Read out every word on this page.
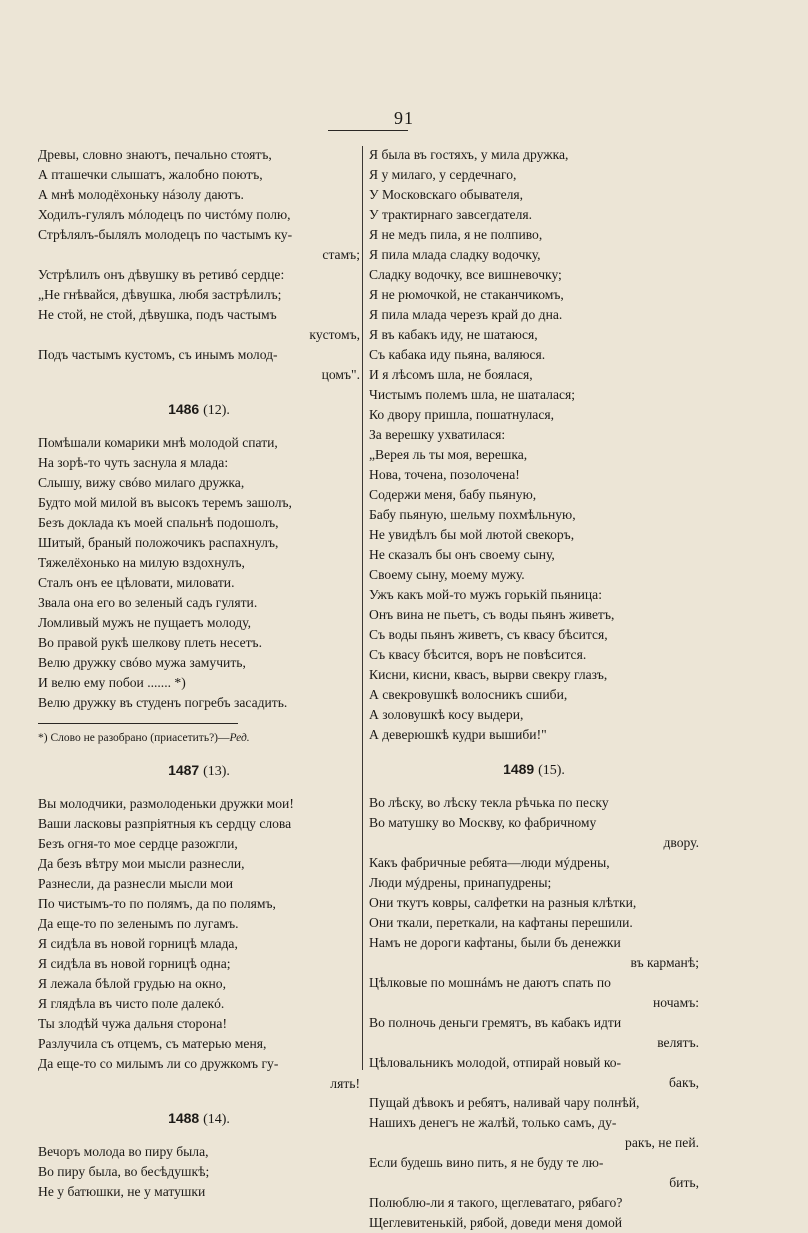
91
Древы, словно знаютъ, печально стоятъ,
А пташечки слышатъ, жалобно поютъ,
А мнѣ молодёхоньку нáзолу даютъ.
Ходилъ-гулялъ мóлодецъ по чистóму полю,
Стрѣлялъ-былялъ молодецъ по частымъ ку-
стамъ;
Устрѣлилъ онъ дѣвушку въ ретивó сердце:
„Не гнѣвайся, дѣвушка, любя застрѣлилъ;
Не стой, не стой, дѣвушка, подъ частымъ
кустомъ,
Подъ частымъ кустомъ, съ инымъ молод-
цомъ".
1486 (12).
Помѣшали комарики мнѣ молодой спати,
На зорѣ-то чуть заснула я млада:
Слышу, вижу свóво милаго дружка,
Будто мой милой въ высокъ теремъ зашолъ,
Безъ доклада къ моей спальнѣ подошолъ,
Шитый, браный положочикъ распахнулъ,
Тяжелёхонько на милую вздохнулъ,
Сталъ онъ ее цѣловати, миловати.
Звала она его во зеленый садъ гуляти.
Ломливый мужъ не пущаетъ молоду,
Во правой рукѣ шелкову плеть несетъ.
Велю дружку свóво мужа замучить,
И велю ему побои ....... *)
Велю дружку въ студенъ погребъ засадить.
*) Слово не разобрано (приасетить?)—Ред.
1487 (13).
Вы молодчики, размолоденьки дружки мои!
Ваши ласковы разпріятныя къ сердцу слова
Безъ огня-то мое сердце разожгли,
Да безъ вѣтру мои мысли разнесли,
Разнесли, да разнесли мысли мои
По чистымъ-то по полямъ, да по полямъ,
Да еще-то по зеленымъ по лугамъ.
Я сидѣла въ новой горницѣ млада,
Я сидѣла въ новой горницѣ одна;
Я лежала бѣлой грудью на окно,
Я глядѣла въ чисто поле далекó.
Ты злодѣй чужа дальня сторона!
Разлучила съ отцемъ, съ матерью меня,
Да еще-то со милымъ ли со дружкомъ гу-
лять!
1488 (14).
Вечоръ молода во пиру была,
Во пиру была, во бесѣдушкѣ;
Не у батюшки, не у матушки
Я была въ гостяхъ, у мила дружка,
Я у милаго, у сердечнаго,
У Московскаго обывателя,
У трактирнаго завсегдателя.
Я не медъ пила, я не полпиво,
Я пила млада сладку водочку,
Сладку водочку, все вишневочку;
Я не рюмочкой, не стаканчикомъ,
Я пила млада черезъ край до дна.
Я въ кабакъ иду, не шатаюся,
Съ кабака иду пьяна, валяюся.
И я лѣсомъ шла, не боялася,
Чистымъ полемъ шла, не шаталася;
Ко двору пришла, пошатнулася,
За верешку ухватилася:
„Верея ль ты моя, верешка,
Нова, точена, позолочена!
Содержи меня, бабу пьяную,
Бабу пьяную, шельму похмѣльную,
Не увидѣлъ бы мой лютой свекоръ,
Не сказалъ бы онъ своему сыну,
Своему сыну, моему мужу.
Ужъ какъ мой-то мужъ горькій пьяница:
Онъ вина не пьетъ, съ воды пьянъ живетъ,
Съ воды пьянъ живетъ, съ квасу бѣсится,
Съ квасу бѣсится, воръ не повѣсится.
Кисни, кисни, квасъ, вырви свекру глазъ,
А свекровушкѣ волосникъ сшиби,
А золовушкѣ косу выдери,
А деверюшкѣ кудри вышиби!"
1489 (15).
Во лѣску, во лѣску текла рѣчька по песку
Во матушку во Москву, ко фабричному
двору.
Какъ фабричные ребята—люди мýдрены,
Люди мýдрены, принапудрены;
Они ткутъ ковры, салфетки на разныя клѣтки,
Они ткали, переткали, на кафтаны перешили.
Намъ не дороги кафтаны, были бъ денежки
въ карманѣ;
Цѣлковые по мошнáмъ не даютъ спать по
ночамъ:
Во полночь деньги гремятъ, въ кабакъ идти
велятъ.
Цѣловальникъ молодой, отпирай новый ко-
бакъ,
Пущай дѣвокъ и ребятъ, наливай чару полнѣй,
Нашихъ денегъ не жалѣй, только самъ, ду-
ракъ, не пей.
Если будешь вино пить, я не буду те лю-
бить,
Полюблю-ли я такого, щеглеватаго, рябаго?
Щеглевитенькій, рябой, доведи меня домой
